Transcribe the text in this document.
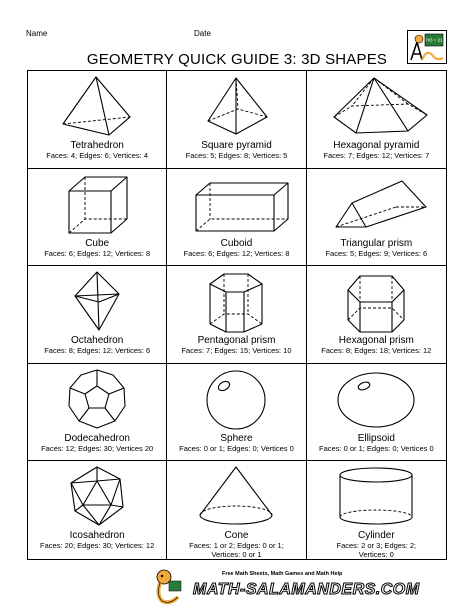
Name	Date
GEOMETRY QUICK GUIDE 3: 3D SHAPES
7x3 = 21
Tetrahedron
Faces: 4; Edges: 6; Vertices: 4
Square pyramid
Faces: 5; Edges: 8; Vertices: 5
Hexagonal pyramid
Faces: 7; Edges: 12; Vertices: 7
Cube
Faces: 6; Edges: 12; Vertices: 8
Cuboid
Faces: 6; Edges: 12; Vertices: 8
Triangular prism
Faces: 5; Edges: 9; Vertices: 6
Octahedron
Faces: 8; Edges: 12; Vertices: 6
Pentagonal prism
Faces: 7; Edges: 15; Vertices: 10
Hexagonal prism
Faces: 8; Edges: 18; Vertices: 12
Dodecahedron
Faces: 12; Edges: 30; Vertices 20
Sphere
Faces: 0 or 1; Edges: 0; Vertices 0
Ellipsoid
Faces: 0 or 1; Edges: 0; Vertices 0
Icosahedron
Faces: 20; Edges: 30; Vertices: 12
Cone
Faces: 1 or 2; Edges: 0 or 1;
Vertices: 0 or 1
Cylinder
Faces: 2 or 3; Edges: 2;
Vertices: 0
Free Math Sheets, Math Games and Math Help
MATH-SALAMANDERS.COM
